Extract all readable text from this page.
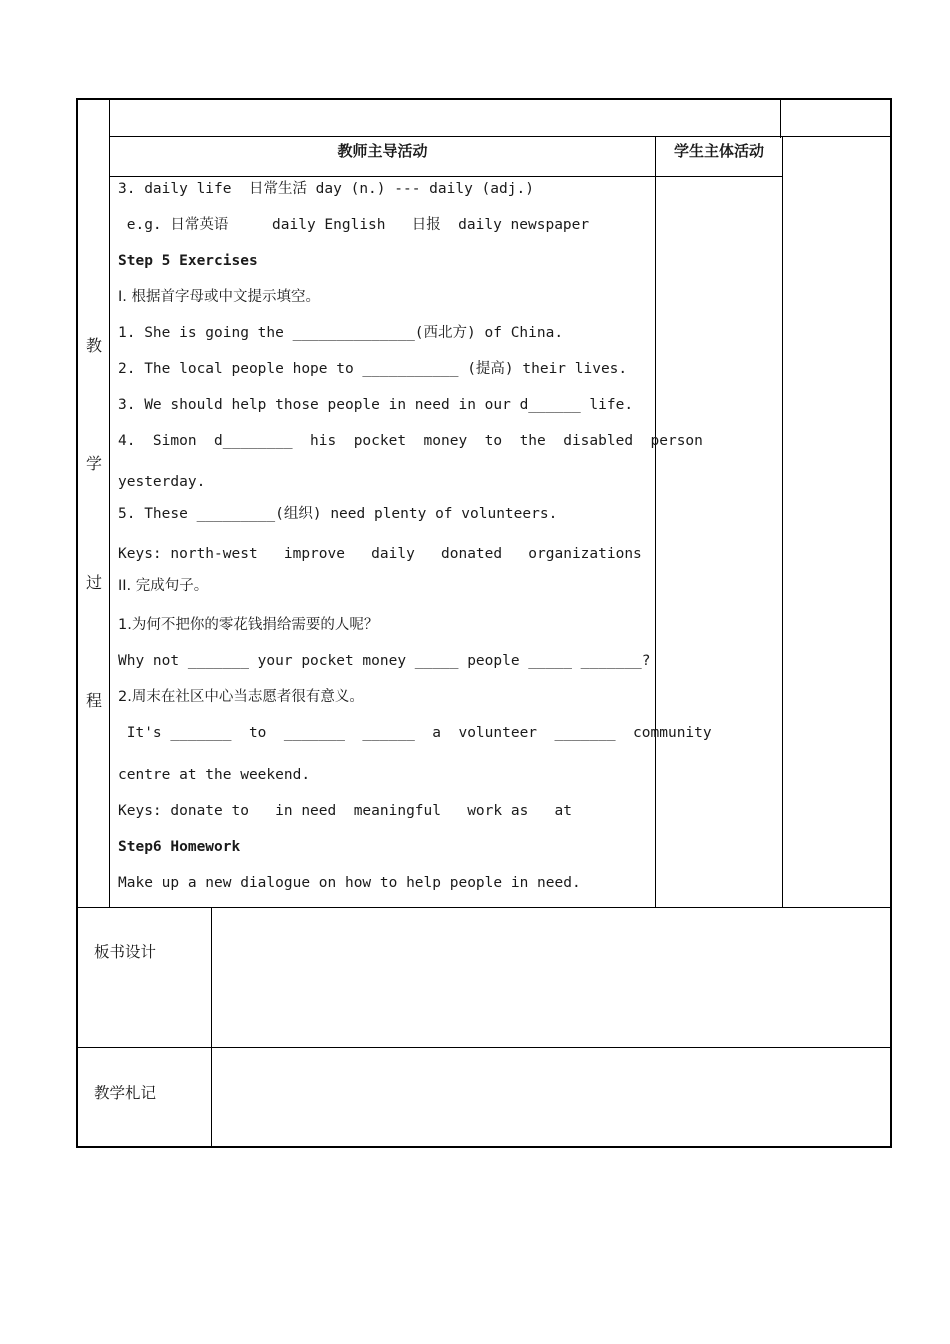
教师主导活动	学生主体活动
教
学
过
程
3. daily life  日常生活 day (n.) --- daily (adj.)
e.g. 日常英语     daily English   日报  daily newspaper
Step 5 Exercises
I. 根据首字母或中文提示填空。
1. She is going the ______________(西北方) of China.
2. The local people hope to ___________ (提高) their lives.
3. We should help those people in need in our d______ life.
4.  Simon  d________  his  pocket  money  to  the  disabled  person
yesterday.
5. These _________(组织) need plenty of volunteers.
Keys: north-west   improve   daily   donated   organizations
II. 完成句子。
1.为何不把你的零花钱捐给需要的人呢？
Why not _______ your pocket money _____ people _____ _______?
2.周末在社区中心当志愿者很有意义。
It's _______  to  _______  ______  a  volunteer  _______  community
centre at the weekend.
Keys: donate to   in need  meaningful   work as   at
Step6 Homework
Make up a new dialogue on how to help people in need.
板书设计
教学札记
